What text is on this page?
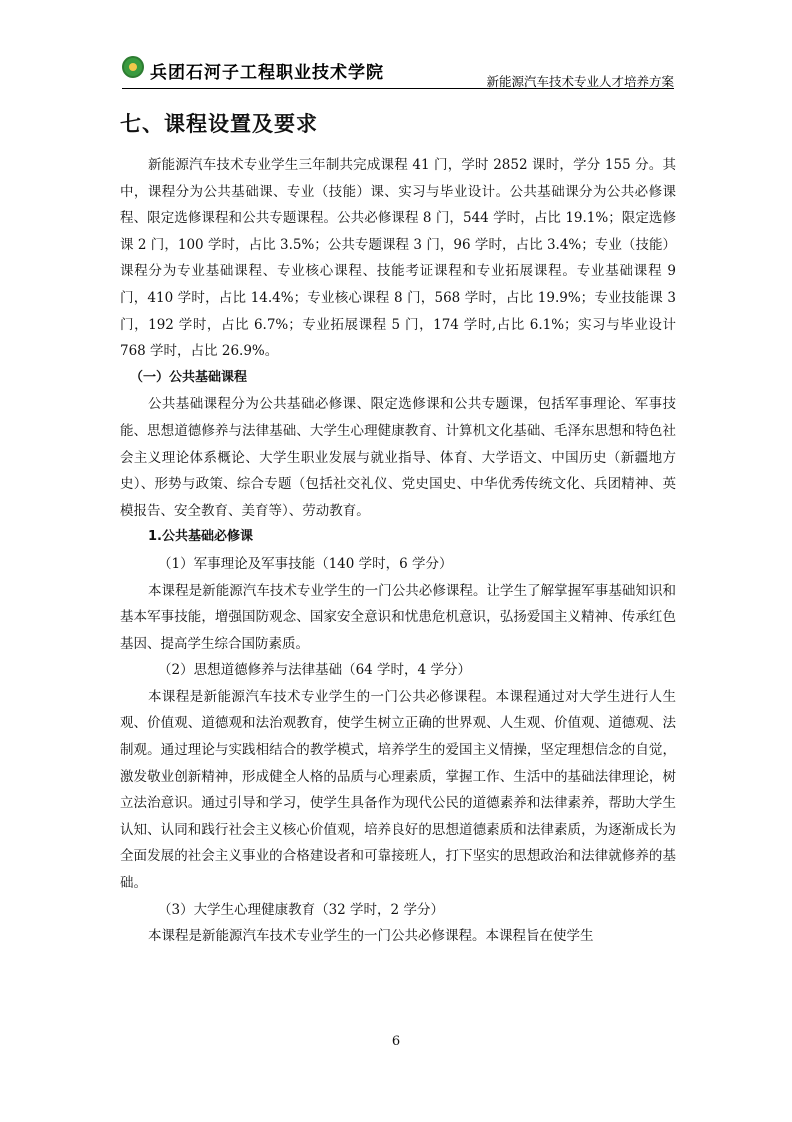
兵团石河子工程职业技术学院	新能源汽车技术专业人才培养方案
七、课程设置及要求

新能源汽车技术专业学生三年制共完成课程 41 门，学时 2852 课时，学分 155 分。其中，课程分为公共基础课、专业（技能）课、实习与毕业设计。公共基础课分为公共必修课程、限定选修课程和公共专题课程。公共必修课程 8 门，544 学时，占比 19.1%；限定选修课 2 门，100 学时，占比 3.5%；公共专题课程 3 门，96 学时，占比 3.4%；专业（技能）课程分为专业基础课程、专业核心课程、技能考证课程和专业拓展课程。专业基础课程 9 门，410 学时，占比 14.4%；专业核心课程 8 门，568 学时，占比 19.9%；专业技能课 3 门，192 学时，占比 6.7%；专业拓展课程 5 门，174 学时,占比 6.1%；实习与毕业设计 768 学时，占比 26.9%。

（一）公共基础课程

公共基础课程分为公共基础必修课、限定选修课和公共专题课，包括军事理论、军事技能、思想道德修养与法律基础、大学生心理健康教育、计算机文化基础、毛泽东思想和特色社会主义理论体系概论、大学生职业发展与就业指导、体育、大学语文、中国历史（新疆地方史）、形势与政策、综合专题（包括社交礼仪、党史国史、中华优秀传统文化、兵团精神、英模报告、安全教育、美育等）、劳动教育。

1.公共基础必修课
（1）军事理论及军事技能（140 学时，6 学分）

本课程是新能源汽车技术专业学生的一门公共必修课程。让学生了解掌握军事基础知识和基本军事技能，增强国防观念、国家安全意识和忧患危机意识，弘扬爱国主义精神、传承红色基因、提高学生综合国防素质。

（2）思想道德修养与法律基础（64 学时，4 学分）

本课程是新能源汽车技术专业学生的一门公共必修课程。本课程通过对大学生进行人生观、价值观、道德观和法治观教育，使学生树立正确的世界观、人生观、价值观、道德观、法制观。通过理论与实践相结合的教学模式，培养学生的爱国主义情操，坚定理想信念的自觉，激发敬业创新精神，形成健全人格的品质与心理素质，掌握工作、生活中的基础法律理论，树立法治意识。通过引导和学习，使学生具备作为现代公民的道德素养和法律素养，帮助大学生认知、认同和践行社会主义核心价值观，培养良好的思想道德素质和法律素质，为逐渐成长为全面发展的社会主义事业的合格建设者和可靠接班人，打下坚实的思想政治和法律就修养的基础。

（3）大学生心理健康教育（32 学时，2 学分）

本课程是新能源汽车技术专业学生的一门公共必修课程。本课程旨在使学生

6
